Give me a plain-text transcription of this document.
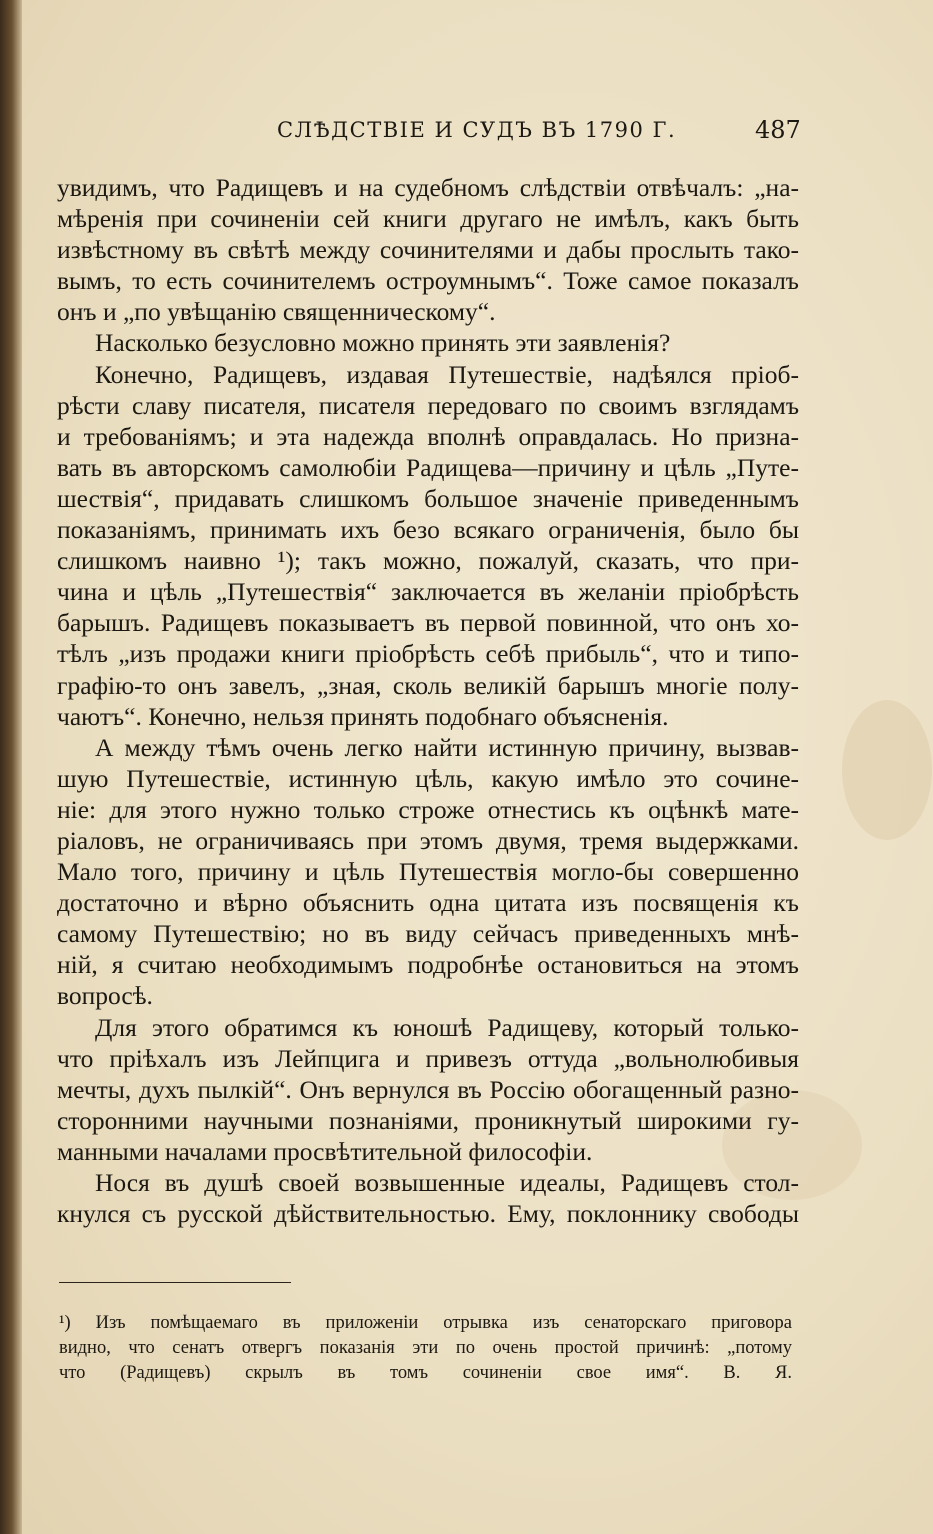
СЛѢДСТВІЕ И СУДЪ ВЪ 1790 Г.	487
увидимъ, что Радищевъ и на судебномъ слѣдствіи отвѣчалъ: „на-
мѣренія при сочиненіи сей книги другаго не имѣлъ, какъ быть
извѣстному въ свѣтѣ между сочинителями и дабы прослыть тако-
вымъ, то есть сочинителемъ остроумнымъ“. Тоже самое показалъ
онъ и „по увѣщанію священническому“.
Насколько безусловно можно принять эти заявленія?
Конечно, Радищевъ, издавая Путешествіе, надѣялся пріоб-
рѣсти славу писателя, писателя передоваго по своимъ взглядамъ
и требованіямъ; и эта надежда вполнѣ оправдалась. Но призна-
вать въ авторскомъ самолюбіи Радищева—причину и цѣль „Путе-
шествія“, придавать слишкомъ большое значеніе приведеннымъ
показаніямъ, принимать ихъ безо всякаго ограниченія, было бы
слишкомъ наивно ¹); такъ можно, пожалуй, сказать, что при-
чина и цѣль „Путешествія“ заключается въ желаніи пріобрѣсть
барышъ. Радищевъ показываетъ въ первой повинной, что онъ хо-
тѣлъ „изъ продажи книги пріобрѣсть себѣ прибыль“, что и типо-
графію-то онъ завелъ, „зная, сколь великій барышъ многіе полу-
чаютъ“. Конечно, нельзя принять подобнаго объясненія.
А между тѣмъ очень легко найти истинную причину, вызвав-
шую Путешествіе, истинную цѣль, какую имѣло это сочине-
ніе: для этого нужно только строже отнестись къ оцѣнкѣ мате-
ріаловъ, не ограничиваясь при этомъ двумя, тремя выдержками.
Мало того, причину и цѣль Путешествія могло-бы совершенно
достаточно и вѣрно объяснить одна цитата изъ посвященія къ
самому Путешествію; но въ виду сейчасъ приведенныхъ мнѣ-
ній, я считаю необходимымъ подробнѣе остановиться на этомъ
вопросѣ.
Для этого обратимся къ юношѣ Радищеву, который только-
что пріѣхалъ изъ Лейпцига и привезъ оттуда „вольнолюбивыя
мечты, духъ пылкій“. Онъ вернулся въ Россію обогащенный разно-
сторонними научными познаніями, проникнутый широкими гу-
манными началами просвѣтительной философіи.
Нося въ душѣ своей возвышенные идеалы, Радищевъ стол-
кнулся съ русской дѣйствительностью. Ему, поклоннику свободы
¹) Изъ помѣщаемаго въ приложеніи отрывка изъ сенаторскаго приговора
видно, что сенатъ отвергъ показанія эти по очень простой причинѣ: „потому
что (Радищевъ) скрылъ въ томъ сочиненіи свое имя“. В. Я.
